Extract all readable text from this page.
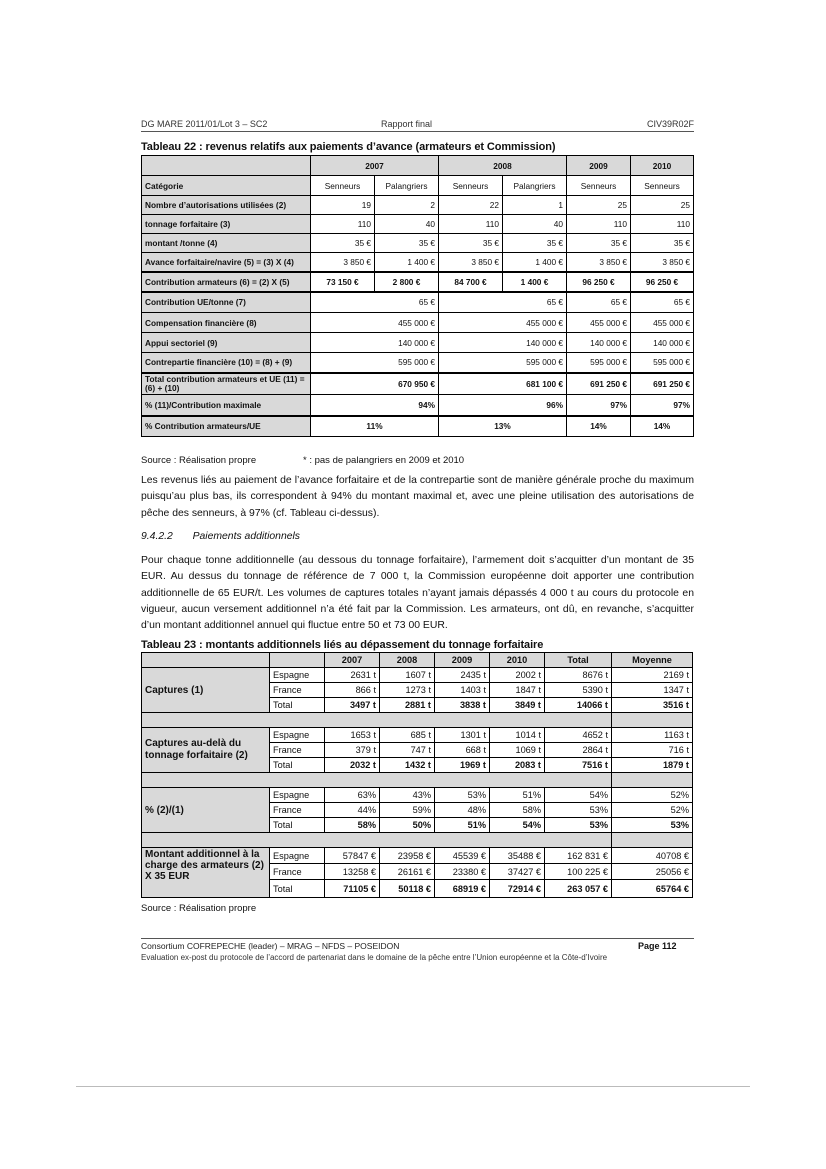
DG MARE 2011/01/Lot 3 – SC2	Rapport final	CIV39R02F
Tableau 22 : revenus relatifs aux paiements d’avance (armateurs et Commission)
	2007		2008		2009	2010
Catégorie	Senneurs	Palangriers	Senneurs	Palangriers	Senneurs	Senneurs
Nombre d’autorisations utilisées (2)	19	2	22	1	25	25
tonnage forfaitaire (3)	110	40	110	40	110	110
montant /tonne (4)	35 €	35 €	35 €	35 €	35 €	35 €
Avance forfaitaire/navire (5) = (3) X (4)	3 850 €	1 400 €	3 850 €	1 400 €	3 850 €	3 850 €
Contribution armateurs (6) = (2) X (5)	73 150 €	2 800 €	84 700 €	1 400 €	96 250 €	96 250 €
Contribution UE/tonne (7)	65 €		65 €		65 €	65 €
Compensation financière (8)	455 000 €		455 000 €		455 000 €	455 000 €
Appui sectoriel (9)	140 000 €		140 000 €		140 000 €	140 000 €
Contrepartie financière (10) = (8) + (9)	595 000 €		595 000 €		595 000 €	595 000 €
Total contribution armateurs et UE (11) = (6) + (10)	670 950 €		681 100 €		691 250 €	691 250 €
% (11)/Contribution maximale	94%		96%		97%	97%
% Contribution armateurs/UE	11%		13%		14%	14%
Source : Réalisation propre	* : pas de palangriers en 2009 et 2010
Les revenus liés au paiement de l’avance forfaitaire et de la contrepartie sont de manière générale proche du maximum puisqu’au plus bas, ils correspondent à 94% du montant maximal et, avec une pleine utilisation des autorisations de pêche des senneurs, à 97% (cf. Tableau ci-dessus).
9.4.2.2 Paiements additionnels
Pour chaque tonne additionnelle (au dessous du tonnage forfaitaire), l’armement doit s’acquitter d’un montant de 35 EUR. Au dessus du tonnage de référence de 7 000 t, la Commission européenne doit apporter une contribution additionnelle de 65 EUR/t. Les volumes de captures totales n’ayant jamais dépassés 4 000 t au cours du protocole en vigueur, aucun versement additionnel n’a été fait par la Commission. Les armateurs, ont dû, en revanche, s’acquitter d’un montant additionnel annuel qui fluctue entre 50 et 73 00 EUR.
Tableau 23 : montants additionnels liés au dépassement du tonnage forfaitaire
		2007	2008	2009	2010	Total	Moyenne
Captures (1)	Espagne	2631 t	1607 t	2435 t	2002 t	8676 t	2169 t
	France	866 t	1273 t	1403 t	1847 t	5390 t	1347 t
	Total	3497 t	2881 t	3838 t	3849 t	14066 t	3516 t

Captures au-delà du tonnage forfaitaire (2)	Espagne	1653 t	685 t	1301 t	1014 t	4652 t	1163 t
	France	379 t	747 t	668 t	1069 t	2864 t	716 t
	Total	2032 t	1432 t	1969 t	2083 t	7516 t	1879 t

% (2)/(1)	Espagne	63%	43%	53%	51%	54%	52%
	France	44%	59%	48%	58%	53%	52%
	Total	58%	50%	51%	54%	53%	53%

Montant additionnel à la charge des armateurs (2) X 35 EUR	Espagne	57847 €	23958 €	45539 €	35488 €	162 831 €	40708 €
	France	13258 €	26161 €	23380 €	37427 €	100 225 €	25056 €
	Total	71105 €	50118 €	68919 €	72914 €	263 057 €	65764 €
Source : Réalisation propre
Consortium COFREPECHE (leader) – MRAG – NFDS – POSEIDON	Page 112
Evaluation ex-post du protocole de l’accord de partenariat dans le domaine de la pêche entre l’Union européenne et la Côte-d’Ivoire
